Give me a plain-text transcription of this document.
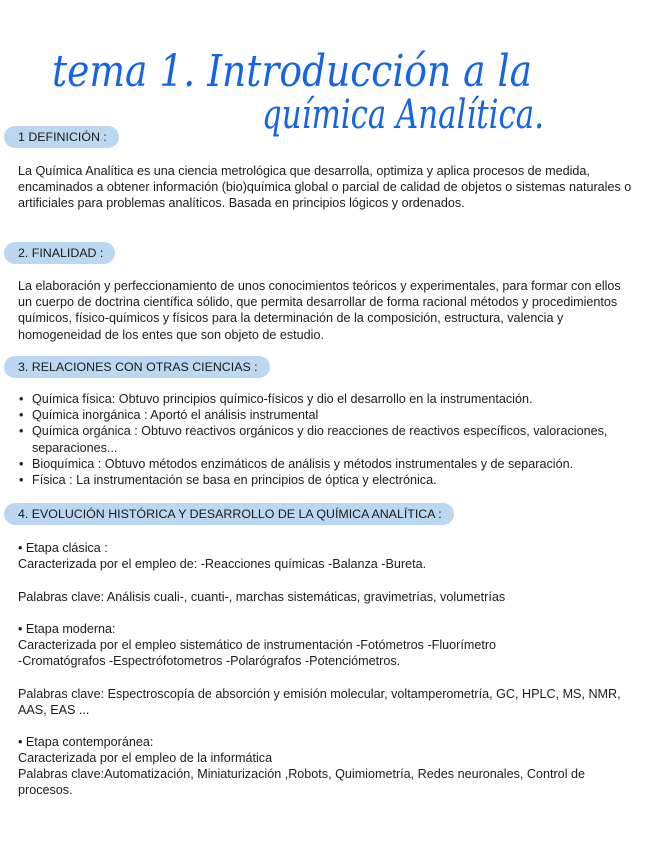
tema 1. Introducción a la
química Analítica.
1 DEFINICIÓN :

La Química Analítica es una ciencia metrológica que desarrolla, optimiza y aplica procesos de medida, encaminados a obtener información (bio)química global o parcial de calidad de objetos o sistemas naturales o artificiales para problemas analíticos. Basada en principios lógicos y ordenados.

2. FINALIDAD :

La elaboración y perfeccionamiento de unos conocimientos teóricos y experimentales, para formar con ellos un cuerpo de doctrina científica sólido, que permita desarrollar de forma racional métodos y procedimientos químicos, físico-químicos y físicos para la determinación de la composición, estructura, valencia y homogeneidad de los entes que son objeto de estudio.

3. RELACIONES CON OTRAS CIENCIAS :
• Química física: Obtuvo principios químico-físicos y dio el desarrollo en la instrumentación.
• Química inorgánica : Aportó el análisis instrumental
• Química orgánica : Obtuvo reactivos orgánicos y dio reacciones de reactivos específicos, valoraciones, separaciones...
• Bioquímica : Obtuvo métodos enzimáticos de análisis y métodos instrumentales y de separación.
• Física : La instrumentación se basa en principios de óptica y electrónica.
4. EVOLUCIÓN HISTÓRICA Y DESARROLLO DE LA QUÍMICA ANALÍTICA :
• Etapa clásica :
Caracterizada por el empleo de: -Reacciones químicas -Balanza -Bureta.

Palabras clave: Análisis cuali-, cuanti-, marchas sistemáticas, gravimetrías, volumetrías

• Etapa moderna:
Caracterizada por el empleo sistemático de instrumentación -Fotómetros -Fluorímetro
-Cromatógrafos -Espectrófotometros -Polarógrafos -Potenciómetros.

Palabras clave: Espectroscopía de absorción y emisión molecular, voltamperometría, GC, HPLC, MS, NMR, AAS, EAS ...

• Etapa contemporánea:
Caracterizada por el empleo de la informática

Palabras clave:Automatización, Miniaturización ,Robots, Quimiometría, Redes neuronales, Control de procesos.
